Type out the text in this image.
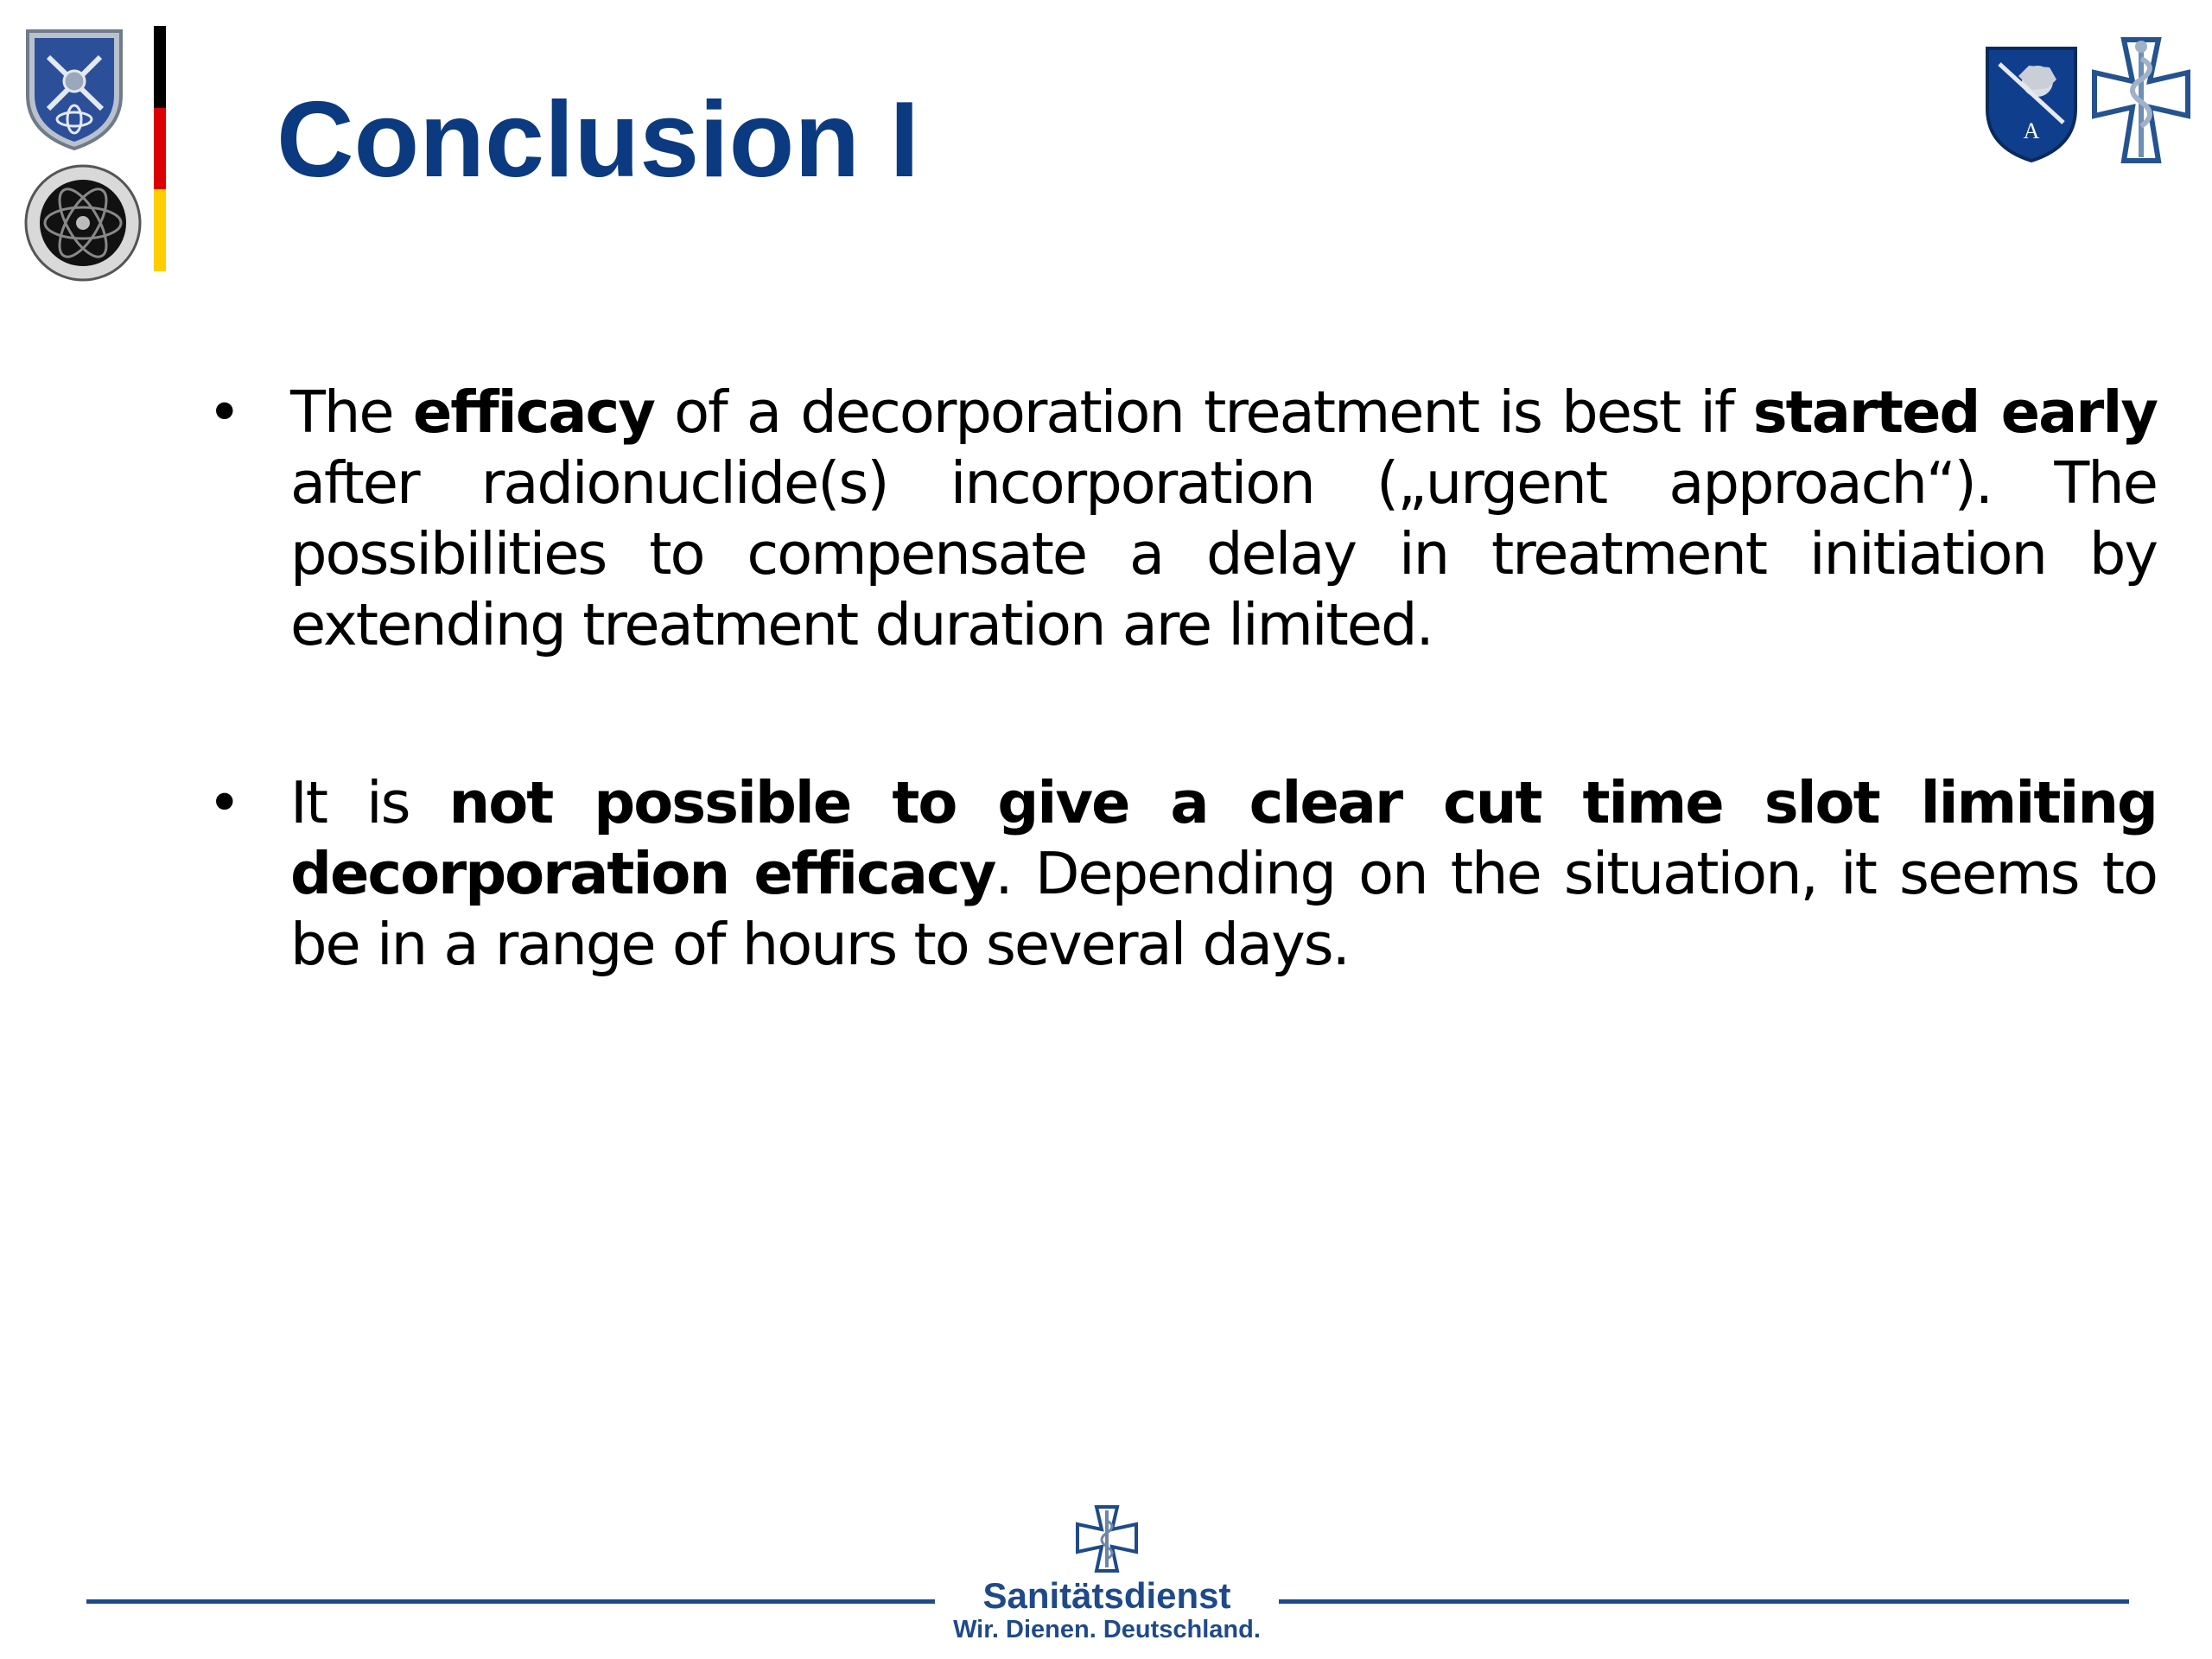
Conclusion I	A
• The efficacy of a decorporation treatment is best if started early after radionuclide(s) incorporation („urgent approach“). The possibilities to compensate a delay in treatment initiation by extending treatment duration are limited.
• It is not possible to give a clear cut time slot limiting decorporation efficacy. Depending on the situation, it seems to be in a range of hours to several days.
Sanitätsdienst
Wir. Dienen. Deutschland.
